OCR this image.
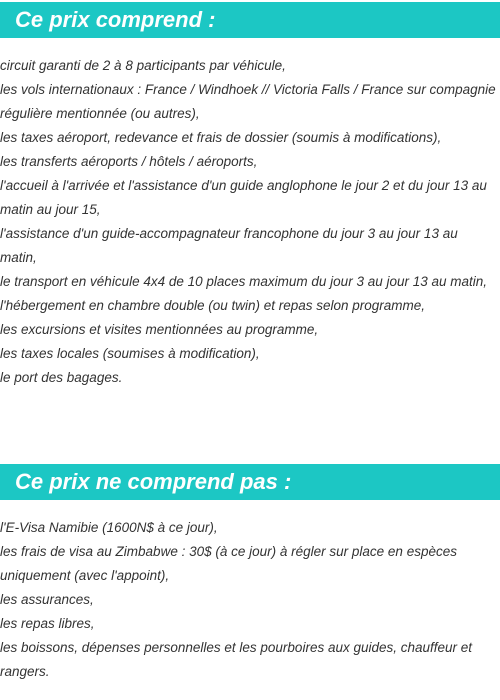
Ce prix comprend :
circuit garanti de 2 à 8 participants par véhicule,
les vols internationaux : France / Windhoek // Victoria Falls / France sur compagnie régulière mentionnée (ou autres),
les taxes aéroport, redevance et frais de dossier (soumis à modifications),
les transferts aéroports / hôtels / aéroports,
l'accueil à l'arrivée et l'assistance d'un guide anglophone le jour 2 et du jour 13 au matin au jour 15,
l'assistance d'un guide-accompagnateur francophone du jour 3 au jour 13 au matin,
le transport en véhicule 4x4 de 10 places maximum du jour 3 au jour 13 au matin,
l'hébergement en chambre double (ou twin) et repas selon programme,
les excursions et visites mentionnées au programme,
les taxes locales (soumises à modification),
le port des bagages.
Ce prix ne comprend pas :
l'E-Visa Namibie (1600N$ à ce jour),
les frais de visa au Zimbabwe : 30$ (à ce jour) à régler sur place en espèces uniquement (avec l'appoint),
les assurances,
les repas libres,
les boissons, dépenses personnelles et les pourboires aux guides, chauffeur et rangers.
